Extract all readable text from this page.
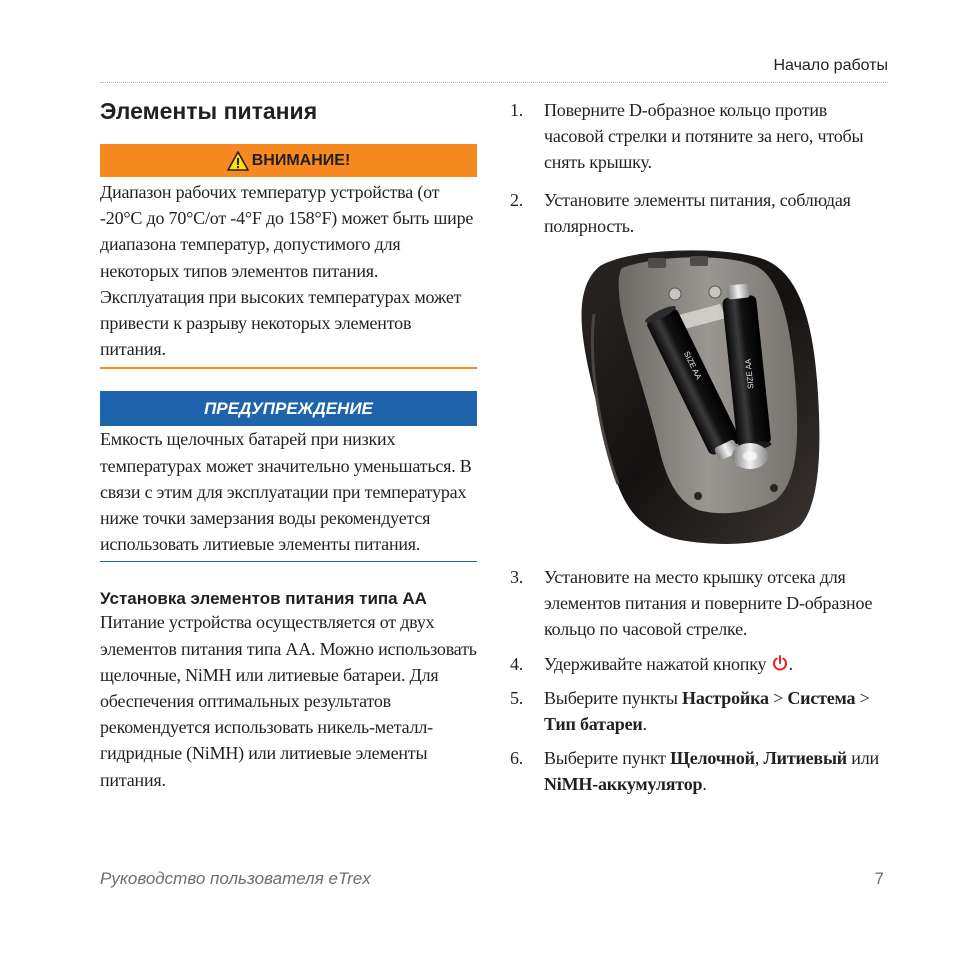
Начало работы
Элементы питания
ВНИМАНИЕ!

Диапазон рабочих температур устройства (от -20°C до 70°C/от -4°F до 158°F) может быть шире диапазона температур, допустимого для некоторых типов элементов питания. Эксплуатация при высоких температурах может привести к разрыву некоторых элементов питания.

ПРЕДУПРЕЖДЕНИЕ

Емкость щелочных батарей при низких температурах может значительно уменьшаться. В связи с этим для эксплуатации при температурах ниже точки замерзания воды рекомендуется использовать литиевые элементы питания.

Установка элементов питания типа AA

Питание устройства осуществляется от двух элементов питания типа AA. Можно использовать щелочные, NiMH или литиевые батареи. Для обеспечения оптимальных результатов рекомендуется использовать никель-металл-гидридные (NiMH) или литиевые элементы питания.

1.	Поверните D-образное кольцо против часовой стрелки и потяните за него, чтобы снять крышку.
2.	Установите элементы питания, соблюдая полярность.
3.	Установите на место крышку отсека для элементов питания и поверните D-образное кольцо по часовой стрелке.
4.	Удерживайте нажатой кнопку .
5.	Выберите пункты Настройка > Система > Тип батареи.
6.	Выберите пункт Щелочной, Литиевый или NiMH-аккумулятор.
SIZE AA	SIZE AA
Руководство пользователя eTrex	7
